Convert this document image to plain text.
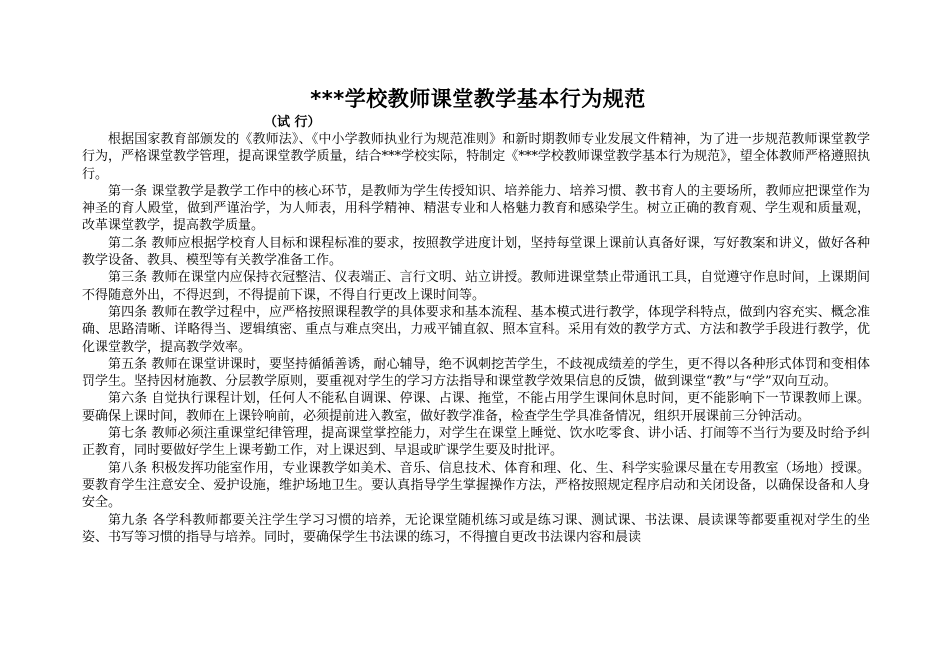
***学校教师课堂教学基本行为规范
（试 行）

根据国家教育部颁发的《教师法》、《中小学教师执业行为规范准则》和新时期教师专业发展文件精神，为了进一步规范教师课堂教学行为，严格课堂教学管理，提高课堂教学质量，结合***学校实际，特制定《***学校教师课堂教学基本行为规范》，望全体教师严格遵照执行。

第一条 课堂教学是教学工作中的核心环节，是教师为学生传授知识、培养能力、培养习惯、教书育人的主要场所，教师应把课堂作为神圣的育人殿堂，做到严谨治学，为人师表，用科学精神、精湛专业和人格魅力教育和感染学生。树立正确的教育观、学生观和质量观，改革课堂教学，提高教学质量。

第二条 教师应根据学校育人目标和课程标准的要求，按照教学进度计划，坚持每堂课上课前认真备好课，写好教案和讲义，做好各种教学设备、教具、模型等有关教学准备工作。

第三条 教师在课堂内应保持衣冠整洁、仪表端正、言行文明、站立讲授。教师进课堂禁止带通讯工具，自觉遵守作息时间，上课期间不得随意外出，不得迟到，不得提前下课，不得自行更改上课时间等。

第四条 教师在教学过程中，应严格按照课程教学的具体要求和基本流程、基本模式进行教学，体现学科特点，做到内容充实、概念准确、思路清晰、详略得当、逻辑缜密、重点与难点突出，力戒平铺直叙、照本宣科。采用有效的教学方式、方法和教学手段进行教学，优化课堂教学，提高教学效率。

第五条 教师在课堂讲课时，要坚持循循善诱，耐心辅导，绝不讽刺挖苦学生，不歧视成绩差的学生，更不得以各种形式体罚和变相体罚学生。坚持因材施教、分层教学原则，要重视对学生的学习方法指导和课堂教学效果信息的反馈，做到课堂“教”与“学”双向互动。

第六条 自觉执行课程计划，任何人不能私自调课、停课、占课、拖堂，不能占用学生课间休息时间，更不能影响下一节课教师上课。要确保上课时间，教师在上课铃响前，必须提前进入教室，做好教学准备，检查学生学具准备情况，组织开展课前三分钟活动。

第七条 教师必须注重课堂纪律管理，提高课堂掌控能力，对学生在课堂上睡觉、饮水吃零食、讲小话、打闹等不当行为要及时给予纠正教育，同时要做好学生上课考勤工作，对上课迟到、早退或旷课学生要及时批评。

第八条 积极发挥功能室作用，专业课教学如美术、音乐、信息技术、体育和理、化、生、科学实验课尽量在专用教室（场地）授课。要教育学生注意安全、爱护设施，维护场地卫生。要认真指导学生掌握操作方法，严格按照规定程序启动和关闭设备，以确保设备和人身安全。

第九条 各学科教师都要关注学生学习习惯的培养，无论课堂随机练习或是练习课、测试课、书法课、晨读课等都要重视对学生的坐姿、书写等习惯的指导与培养。同时，要确保学生书法课的练习，不得擅自更改书法课内容和晨读
